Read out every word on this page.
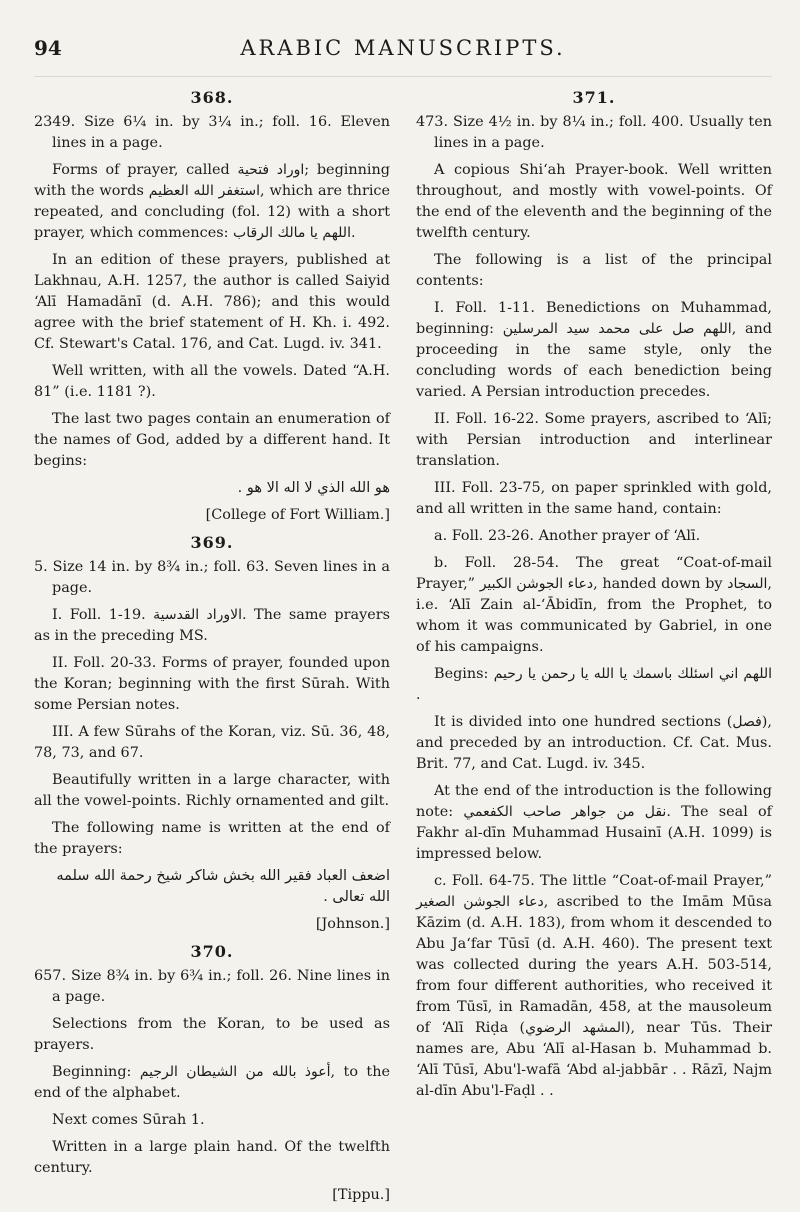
94	ARABIC MANUSCRIPTS.
368.

2349. Size 6¼ in. by 3¼ in.; foll. 16. Eleven lines in a page.

Forms of prayer, called اوراد فتحية; beginning with the words استغفر الله العظيم, which are thrice repeated, and concluding (fol. 12) with a short prayer, which commences: اللهم يا مالك الرقاب.

In an edition of these prayers, published at Lakhnau, A.H. 1257, the author is called Saiyid ‘Alī Hamadānī (d. A.H. 786); and this would agree with the brief statement of H. Kh. i. 492. Cf. Stewart's Catal. 176, and Cat. Lugd. iv. 341.

Well written, with all the vowels. Dated “A.H. 81” (i.e. 1181 ?).

The last two pages contain an enumeration of the names of God, added by a different hand. It begins:

هو الله الذي لا اله الا هو .

[College of Fort William.]

369.

5. Size 14 in. by 8¾ in.; foll. 63. Seven lines in a page.

I. Foll. 1-19. الاوراد القدسية. The same prayers as in the preceding MS.

II. Foll. 20-33. Forms of prayer, founded upon the Koran; beginning with the first Sūrah. With some Persian notes.

III. A few Sūrahs of the Koran, viz. Sū. 36, 48, 78, 73, and 67.

Beautifully written in a large character, with all the vowel-points. Richly ornamented and gilt.

The following name is written at the end of the prayers:

اضعف العباد فقير الله بخش شاكر شيخ رحمة الله سلمه الله تعالى .

[Johnson.]

370.

657. Size 8¾ in. by 6¾ in.; foll. 26. Nine lines in a page.

Selections from the Koran, to be used as prayers.

Beginning: أعوذ بالله من الشيطان الرجيم, to the end of the alphabet.

Next comes Sūrah 1.

Written in a large plain hand. Of the twelfth century.

[Tippu.]

371.

473. Size 4½ in. by 8¼ in.; foll. 400. Usually ten lines in a page.

A copious Shi‘ah Prayer-book. Well written throughout, and mostly with vowel-points. Of the end of the eleventh and the beginning of the twelfth century.

The following is a list of the principal contents:

I. Foll. 1-11. Benedictions on Muhammad, beginning: اللهم صل على محمد سيد المرسلين, and proceeding in the same style, only the concluding words of each benediction being varied. A Persian introduction precedes.

II. Foll. 16-22. Some prayers, ascribed to ‘Alī; with Persian introduction and interlinear translation.

III. Foll. 23-75, on paper sprinkled with gold, and all written in the same hand, contain:

a. Foll. 23-26. Another prayer of ‘Alī.

b. Foll. 28-54. The great “Coat-of-mail Prayer,” دعاء الجوشن الكبير, handed down by السجاد, i.e. ‘Alī Zain al-‘Ābidīn, from the Prophet, to whom it was communicated by Gabriel, in one of his campaigns.

Begins: اللهم اني اسئلك باسمك يا الله يا رحمن يا رحيم .

It is divided into one hundred sections (فصل), and preceded by an introduction. Cf. Cat. Mus. Brit. 77, and Cat. Lugd. iv. 345.

At the end of the introduction is the following note: نقل من جواهر صاحب الكفعمي. The seal of Fakhr al-dīn Muhammad Husainī (A.H. 1099) is impressed below.

c. Foll. 64-75. The little “Coat-of-mail Prayer,” دعاء الجوشن الصغير, ascribed to the Imām Mūsa Kāzim (d. A.H. 183), from whom it descended to Abu Ja‘far Tūsī (d. A.H. 460). The present text was collected during the years A.H. 503-514, from four different authorities, who received it from Tūsī, in Ramadān, 458, at the mausoleum of ‘Alī Riḍa (المشهد الرضوي), near Tūs. Their names are, Abu ‘Alī al-Hasan b. Muhammad b. ‘Alī Tūsī, Abu'l-wafā ‘Abd al-jabbār . . Rāzī, Najm al-dīn Abu'l-Faḍl . .
